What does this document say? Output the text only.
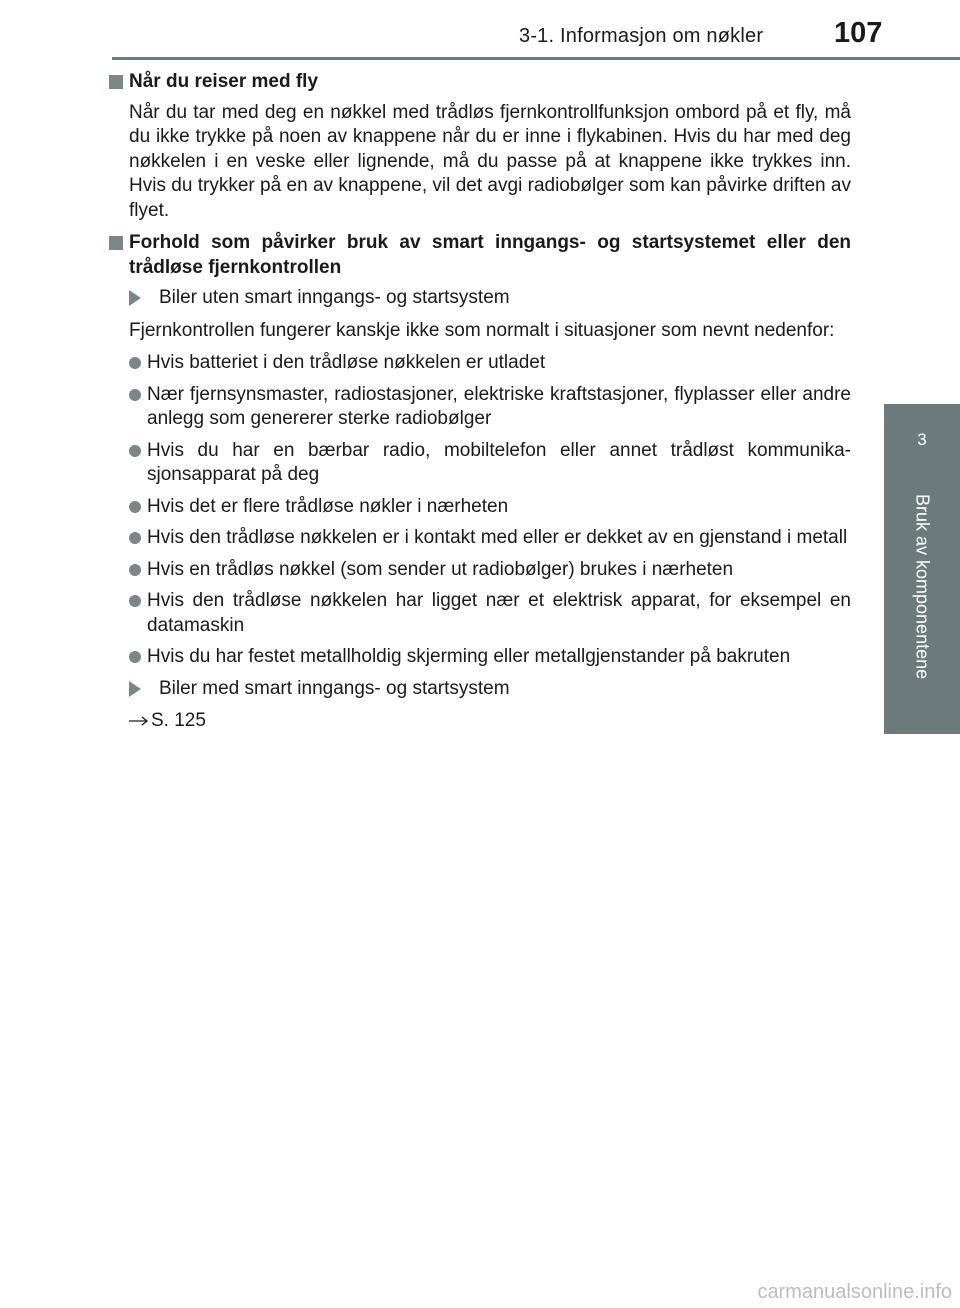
3-1. Informasjon om nøkler 107
3
Bruk av komponentene
Når du reiser med fly
Når du tar med deg en nøkkel med trådløs fjernkontrollfunksjon ombord på et fly, må du ikke trykke på noen av knappene når du er inne i flykabinen. Hvis du har med deg nøkkelen i en veske eller lignende, må du passe på at knappene ikke trykkes inn. Hvis du trykker på en av knappene, vil det avgi radiobølger som kan påvirke driften av flyet.
Forhold som påvirker bruk av smart inngangs- og startsystemet eller den trådløse fjernkontrollen
Biler uten smart inngangs- og startsystem
Fjernkontrollen fungerer kanskje ikke som normalt i situasjoner som nevnt nedenfor:
Hvis batteriet i den trådløse nøkkelen er utladet
Nær fjernsynsmaster, radiostasjoner, elektriske kraftstasjoner, flyplasser eller andre anlegg som genererer sterke radiobølger
Hvis du har en bærbar radio, mobiltelefon eller annet trådløst kommunikasjonsapparat på deg
Hvis det er flere trådløse nøkler i nærheten
Hvis den trådløse nøkkelen er i kontakt med eller er dekket av en gjenstand i metall
Hvis en trådløs nøkkel (som sender ut radiobølger) brukes i nærheten
Hvis den trådløse nøkkelen har ligget nær et elektrisk apparat, for eksempel en datamaskin
Hvis du har festet metallholdig skjerming eller metallgjenstander på bakruten
Biler med smart inngangs- og startsystem
S. 125
carmanualsonline.info
